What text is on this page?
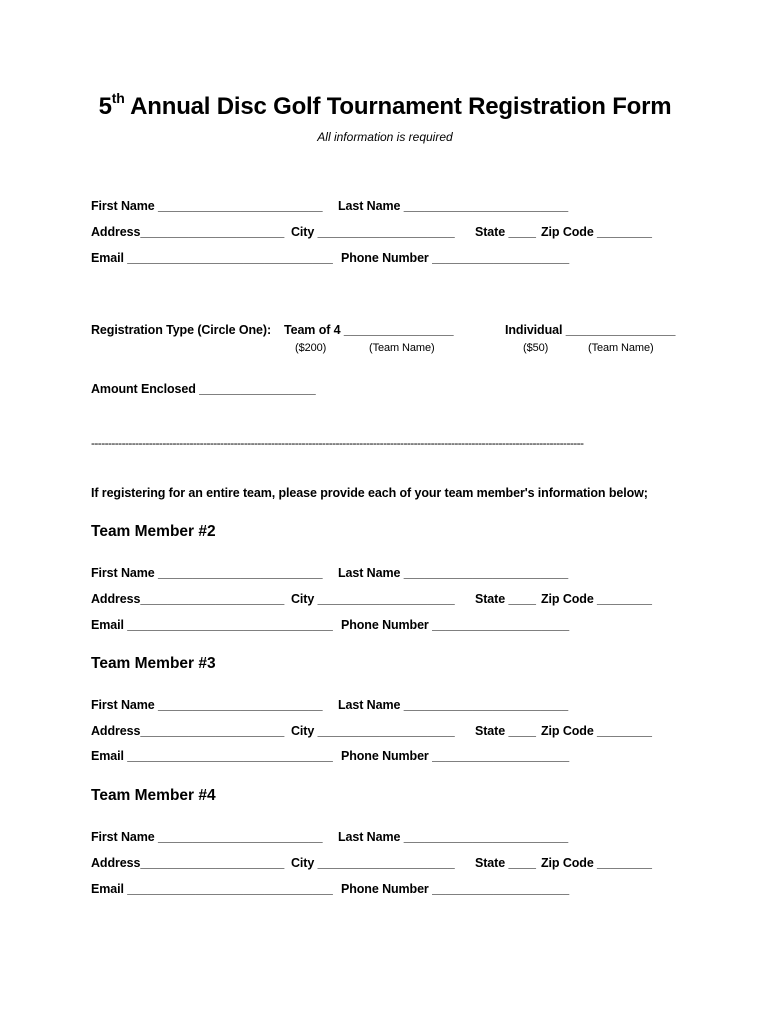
5th Annual Disc Golf Tournament Registration Form
All information is required
First Name ________________________ Last Name ________________________
Address_____________________ City ____________________ State ____ Zip Code ________
Email ______________________________ Phone Number ____________________
Registration Type (Circle One): Team of 4 ________________
($200)	(Team Name)
Individual ________________
($50)	(Team Name)
Amount Enclosed _________________
-------------------------------------------------------------------------------------------------------------------------------------------------
If registering for an entire team, please provide each of your team member's information below;
Team Member #2
First Name ________________________ Last Name ________________________
Address_____________________ City ____________________ State ____ Zip Code ________
Email ______________________________ Phone Number ____________________
Team Member #3
First Name ________________________ Last Name ________________________
Address_____________________ City ____________________ State ____ Zip Code ________
Email ______________________________ Phone Number ____________________
Team Member #4
First Name ________________________ Last Name ________________________
Address_____________________ City ____________________ State ____ Zip Code ________
Email ______________________________ Phone Number ____________________
